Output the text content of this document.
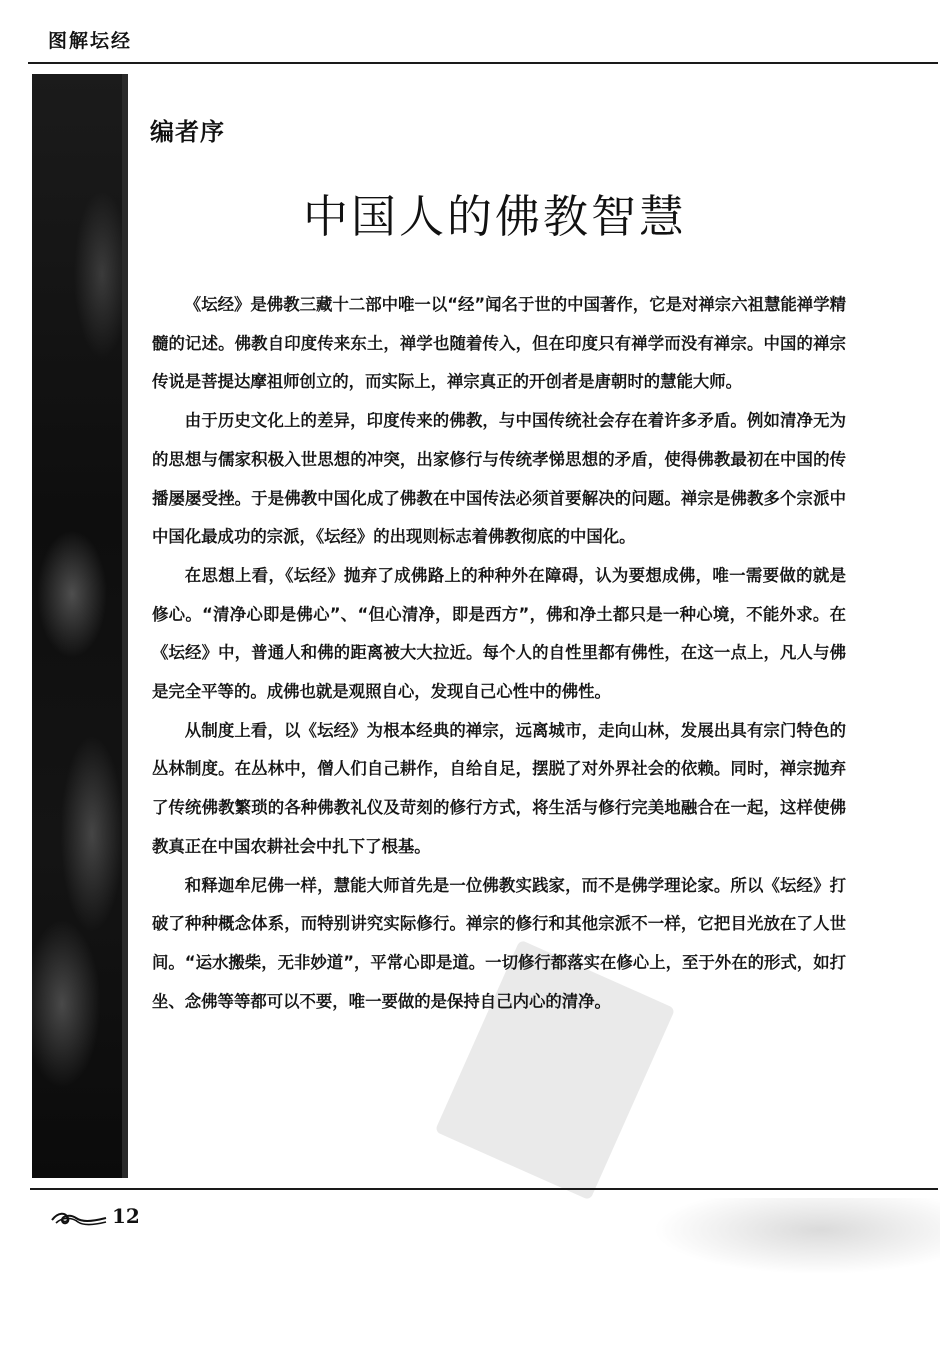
图解坛经
编者序
中国人的佛教智慧

《坛经》是佛教三藏十二部中唯一以“经”闻名于世的中国著作，它是对禅宗六祖慧能禅学精髓的记述。佛教自印度传来东土，禅学也随着传入，但在印度只有禅学而没有禅宗。中国的禅宗传说是菩提达摩祖师创立的，而实际上，禅宗真正的开创者是唐朝时的慧能大师。

由于历史文化上的差异，印度传来的佛教，与中国传统社会存在着许多矛盾。例如清净无为的思想与儒家积极入世思想的冲突，出家修行与传统孝悌思想的矛盾，使得佛教最初在中国的传播屡屡受挫。于是佛教中国化成了佛教在中国传法必须首要解决的问题。禅宗是佛教多个宗派中中国化最成功的宗派，《坛经》的出现则标志着佛教彻底的中国化。

在思想上看，《坛经》抛弃了成佛路上的种种外在障碍，认为要想成佛，唯一需要做的就是修心。“清净心即是佛心”、“但心清净，即是西方”，佛和净土都只是一种心境，不能外求。在《坛经》中，普通人和佛的距离被大大拉近。每个人的自性里都有佛性，在这一点上，凡人与佛是完全平等的。成佛也就是观照自心，发现自己心性中的佛性。

从制度上看，以《坛经》为根本经典的禅宗，远离城市，走向山林，发展出具有宗门特色的丛林制度。在丛林中，僧人们自己耕作，自给自足，摆脱了对外界社会的依赖。同时，禅宗抛弃了传统佛教繁琐的各种佛教礼仪及苛刻的修行方式，将生活与修行完美地融合在一起，这样使佛教真正在中国农耕社会中扎下了根基。

和释迦牟尼佛一样，慧能大师首先是一位佛教实践家，而不是佛学理论家。所以《坛经》打破了种种概念体系，而特别讲究实际修行。禅宗的修行和其他宗派不一样，它把目光放在了人世间。“运水搬柴，无非妙道”，平常心即是道。一切修行都落实在修心上，至于外在的形式，如打坐、念佛等等都可以不要，唯一要做的是保持自己内心的清净。

12
